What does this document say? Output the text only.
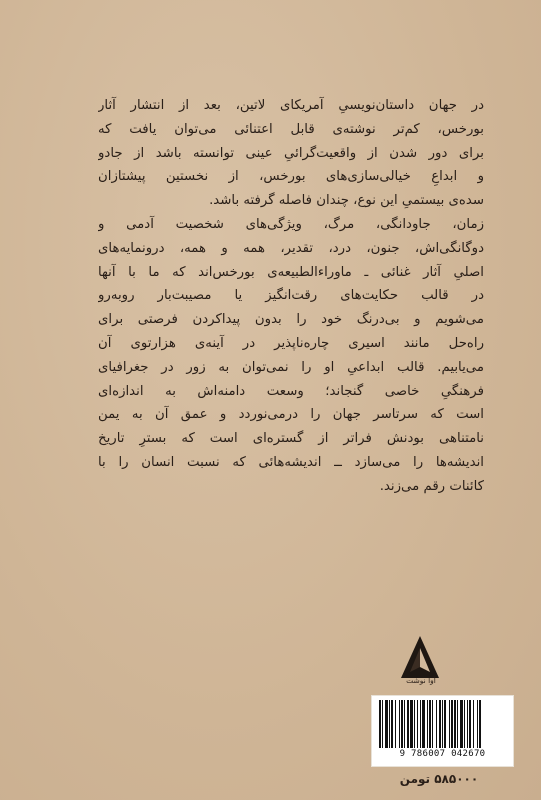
در جهان داستان‌نویسیِ آمریکای لاتین، بعد از انتشار آثار
بورخس، کم‌تر نوشته‌ی قابل اعتنائی می‌توان یافت که
برای دور شدن از واقعیت‌گرائیِ عینی توانسته باشد از جادو
و ابداعِ خیالی‌سازی‌های بورخس، از نخستین پیشتازان
سده‌ی بیستمیِ این نوع، چندان فاصله گرفته باشد.
زمان، جاودانگی، مرگ، ویژگی‌های شخصیت آدمی و
دوگانگی‌اش، جنون، درد، تقدیر، همه و همه، درونمایه‌های
اصلیِ آثار غنائی ـ ماوراءالطبیعه‌ی بورخس‌اند که ما با آنها
در قالب حکایت‌های رقت‌انگیز یا مصیبت‌بار روبه‌رو
می‌شویم و بی‌درنگ خود را بدون پیداکردن فرصتی برای
راه‌حل مانند اسیری چاره‌ناپذیر در آینه‌ی هزارتوی آن
می‌یابیم. قالب ابداعیِ او را نمی‌توان به زور در جغرافیای
فرهنگیِ خاصی گنجاند؛ وسعت دامنه‌اش به اندازه‌ای
است که سرتاسر جهان را درمی‌نوردد و عمق آن به یمن
نامتناهی بودنش فراتر از گستره‌ای است که بسترِ تاریخ
اندیشه‌ها را می‌سازد ــ اندیشه‌هائی که نسبت انسان را با
کائنات رقم می‌زند.
آوا نوشت
9 786007 042670
۵۸۵۰۰۰ تومن
